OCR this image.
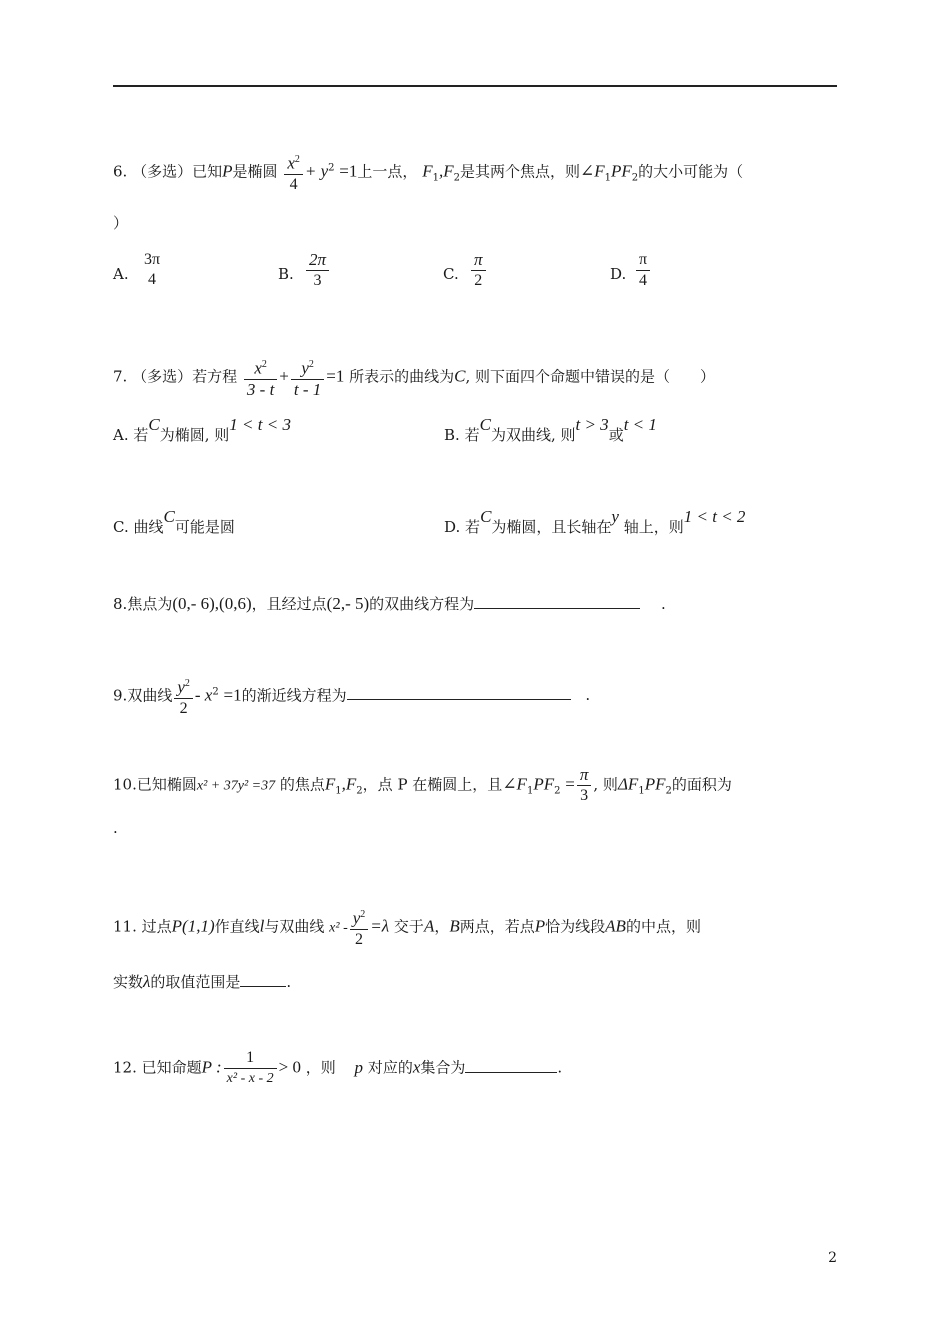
6. （多选）已知P是椭圆 $\frac{x^2}{4} + y^2 =1$上一点， $F_1,F_2$是其两个焦点，则$\angle F_1PF_2$的大小可能为（
）
A.
3π
4	B. $\frac{2\pi}{3}$	C. $\frac{\pi}{2}$	D. $\frac{\pi}{4}$
7. （多选）若方程 $\frac{x^2}{3 - t} + \frac{y^2}{t - 1} =1$ 所表示的曲线为C, 则下面四个命题中错误的是（　　）
A. 若C为椭圆, 则1 < t < 3
B. 若C为双曲线, 则t > 3或t < 1
C. 曲线C可能是圆	D. 若C为椭圆，且长轴在y 轴上，则1 < t < 2
8.焦点为(0,- 6),(0,6)，且经过点(2,- 5)的双曲线方程为	.
9.双曲线 $\frac{y^2}{2} - x^2 =1$的渐近线方程为	.
10.已知椭圆x² + 37y² =37 的焦点$F_1,F_2$，点 P 在椭圆上，且$\angle F_1PF_2 = \frac{\pi}{3}$ , 则$\Delta F_1PF_2$的面积为
.
11. 过点P(1,1)作直线l与双曲线 $x^2 - \frac{y^2}{2} =\lambda$ 交于A，B两点，若点P恰为线段AB的中点，则
实数λ的取值范围是	.
12. 已知命题P : $\frac{1}{\text{x² - x - 2}} > 0$ ，则 p 对应的x集合为	.
2
